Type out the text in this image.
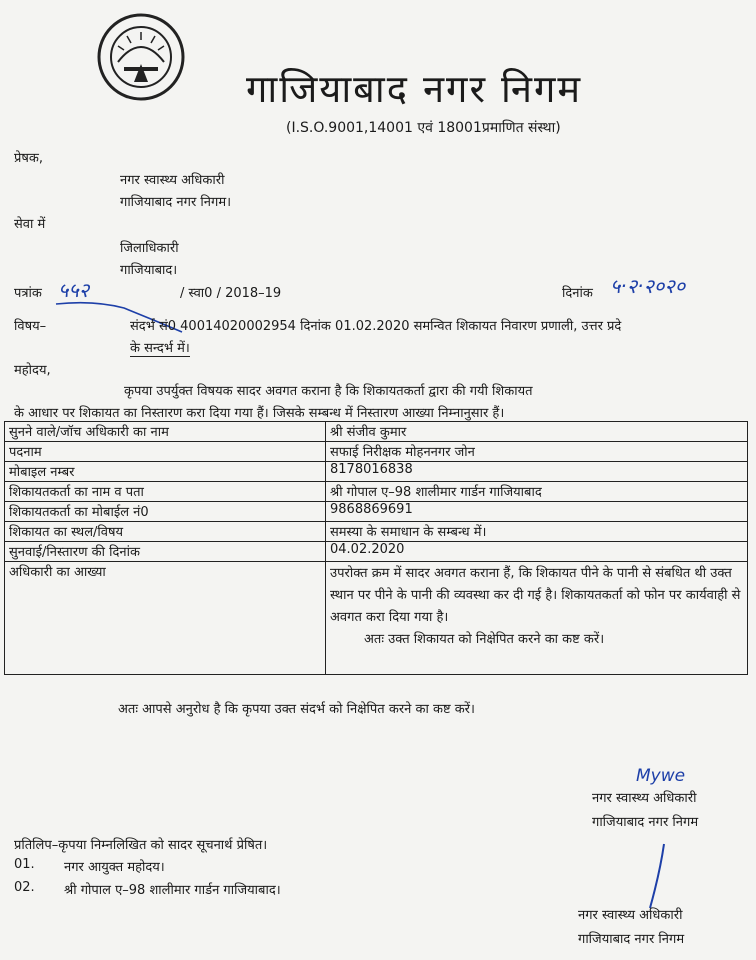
गाजियाबाद नगर निगम
(I.S.O.9001,14001 एवं 18001प्रमाणित संस्था)
प्रेषक,
नगर स्वास्थ्य अधिकारी
गाजियाबाद नगर निगम।
सेवा में
जिलाधिकारी
गाजियाबाद।
पत्रांक ५५२	/ स्वा0 / 2018–19	दिनांक ५·२·२०२०
विषय–	संदर्भ सं0 40014020002954 दिनांक 01.02.2020 समन्वित शिकायत निवारण प्रणाली, उत्तर प्रदे
के सन्दर्भ में।
महोदय,
कृपया उपर्युक्त विषयक सादर अवगत कराना है कि शिकायतकर्ता द्वारा की गयी शिकायत
के आधार पर शिकायत का निस्तारण करा दिया गया हैं। जिसके सम्बन्ध में निस्तारण आख्या निम्नानुसार हैं।
सुनने वाले/जॉच अधिकारी का नाम	श्री संजीव कुमार
पदनाम	सफाई निरीक्षक मोहननगर जोन
मोबाइल नम्बर	8178016838
शिकायतकर्ता का नाम व पता	श्री गोपाल ए–98 शालीमार गार्डन गाजियाबाद
शिकायतकर्ता का मोबाईल नं0	9868869691
शिकायत का स्थल/विषय	समस्या के समाधान के सम्बन्ध में।
सुनवाई/निस्तारण की दिनांक	04.02.2020
अधिकारी का आख्या	उपरोक्त क्रम में सादर अवगत कराना हैं, कि शिकायत पीने के पानी से संबधित थी उक्त स्थान पर पीने के पानी की व्यवस्था कर दी गई है। शिकायतकर्ता को फोन पर कार्यवाही से अवगत करा दिया गया है।
अतः उक्त शिकायत को निक्षेपित करने का कष्ट करें।
अतः आपसे अनुरोध है कि कृपया उक्त संदर्भ को निक्षेपित करने का कष्ट करें।
Mywe
नगर स्वास्थ्य अधिकारी
गाजियाबाद नगर निगम
प्रतिलिप–कृपया निम्नलिखित को सादर सूचनार्थ प्रेषित।
01. नगर आयुक्त महोदय।
02. श्री गोपाल ए–98 शालीमार गार्डन गाजियाबाद।
नगर स्वास्थ्य अधिकारी
गाजियाबाद नगर निगम
